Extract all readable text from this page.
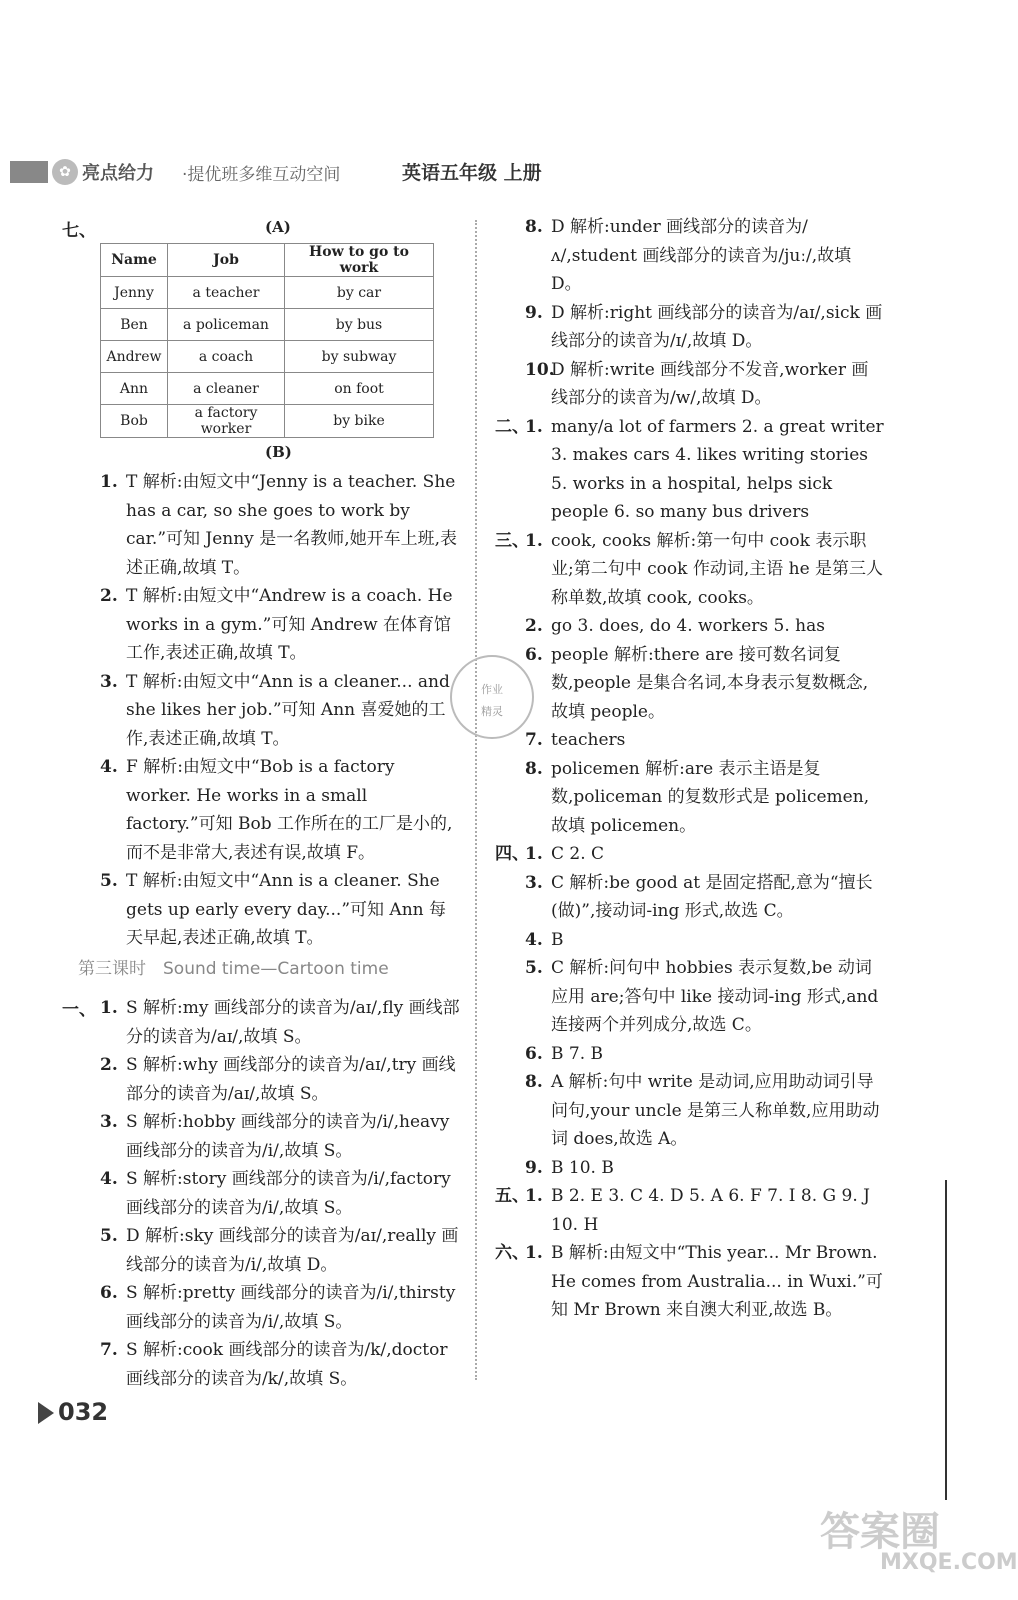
✿ 亮点给力 ·提优班多维互动空间	英语五年级 上册
七、	(A)
Name	Job	How to go to work
Jenny	a teacher	by car
Ben	a policeman	by bus
Andrew	a coach	by subway
Ann	a cleaner	on foot
Bob	a factory worker	by bike
(B)
1. T 解析:由短文中“Jenny is a teacher. She has a car, so she goes to work by car.”可知 Jenny 是一名教师,她开车上班,表述正确,故填 T。
2. T 解析:由短文中“Andrew is a coach. He works in a gym.”可知 Andrew 在体育馆工作,表述正确,故填 T。
3. T 解析:由短文中“Ann is a cleaner... and she likes her job.”可知 Ann 喜爱她的工作,表述正确,故填 T。
4. F 解析:由短文中“Bob is a factory worker. He works in a small factory.”可知 Bob 工作所在的工厂是小的,而不是非常大,表述有误,故填 F。
5. T 解析:由短文中“Ann is a cleaner. She gets up early every day...”可知 Ann 每天早起,表述正确,故填 T。
第三课时　Sound time—Cartoon time
1. S 解析:my 画线部分的读音为/aɪ/,fly 画线部分的读音为/aɪ/,故填 S。
2. S 解析:why 画线部分的读音为/aɪ/,try 画线部分的读音为/aɪ/,故填 S。
3. S 解析:hobby 画线部分的读音为/i/,heavy 画线部分的读音为/i/,故填 S。
4. S 解析:story 画线部分的读音为/i/,factory 画线部分的读音为/i/,故填 S。
5. D 解析:sky 画线部分的读音为/aɪ/,really 画线部分的读音为/i/,故填 D。
6. S 解析:pretty 画线部分的读音为/i/,thirsty 画线部分的读音为/i/,故填 S。
7. S 解析:cook 画线部分的读音为/k/,doctor 画线部分的读音为/k/,故填 S。
一、
8. D 解析:under 画线部分的读音为/ʌ/,student 画线部分的读音为/juː/,故填 D。
9. D 解析:right 画线部分的读音为/aɪ/,sick 画线部分的读音为/ɪ/,故填 D。
10.
D 解析:write 画线部分不发音,worker 画线部分的读音为/w/,故填 D。
二、
1. many/a lot of farmers 2. a great writer 3. makes cars 4. likes writing stories 5. works in a hospital, helps sick people 6. so many bus drivers
三、
1. cook, cooks 解析:第一句中 cook 表示职业;第二句中 cook 作动词,主语 he 是第三人称单数,故填 cook, cooks。
2. go 3. does, do 4. workers 5. has
6. people 解析:there are 接可数名词复数,people 是集合名词,本身表示复数概念,故填 people。
7. teachers
8. policemen 解析:are 表示主语是复数,policeman 的复数形式是 policemen,故填 policemen。
四、
1. C 2. C
3. C 解析:be good at 是固定搭配,意为“擅长(做)”,接动词-ing 形式,故选 C。
4. B
5. C 解析:问句中 hobbies 表示复数,be 动词应用 are;答句中 like 接动词-ing 形式,and 连接两个并列成分,故选 C。
6. B 7. B
8. A 解析:句中 write 是动词,应用助动词引导问句,your uncle 是第三人称单数,应用助动词 does,故选 A。
9. B 10. B
五、
1. B 2. E 3. C 4. D 5. A 6. F 7. I 8. G 9. J 10. H
六、
1. B 解析:由短文中“This year... Mr Brown. He comes from Australia... in Wuxi.”可知 Mr Brown 来自澳大利亚,故选 B。

作业
精灵
032
答案圈
MXQE.COM
